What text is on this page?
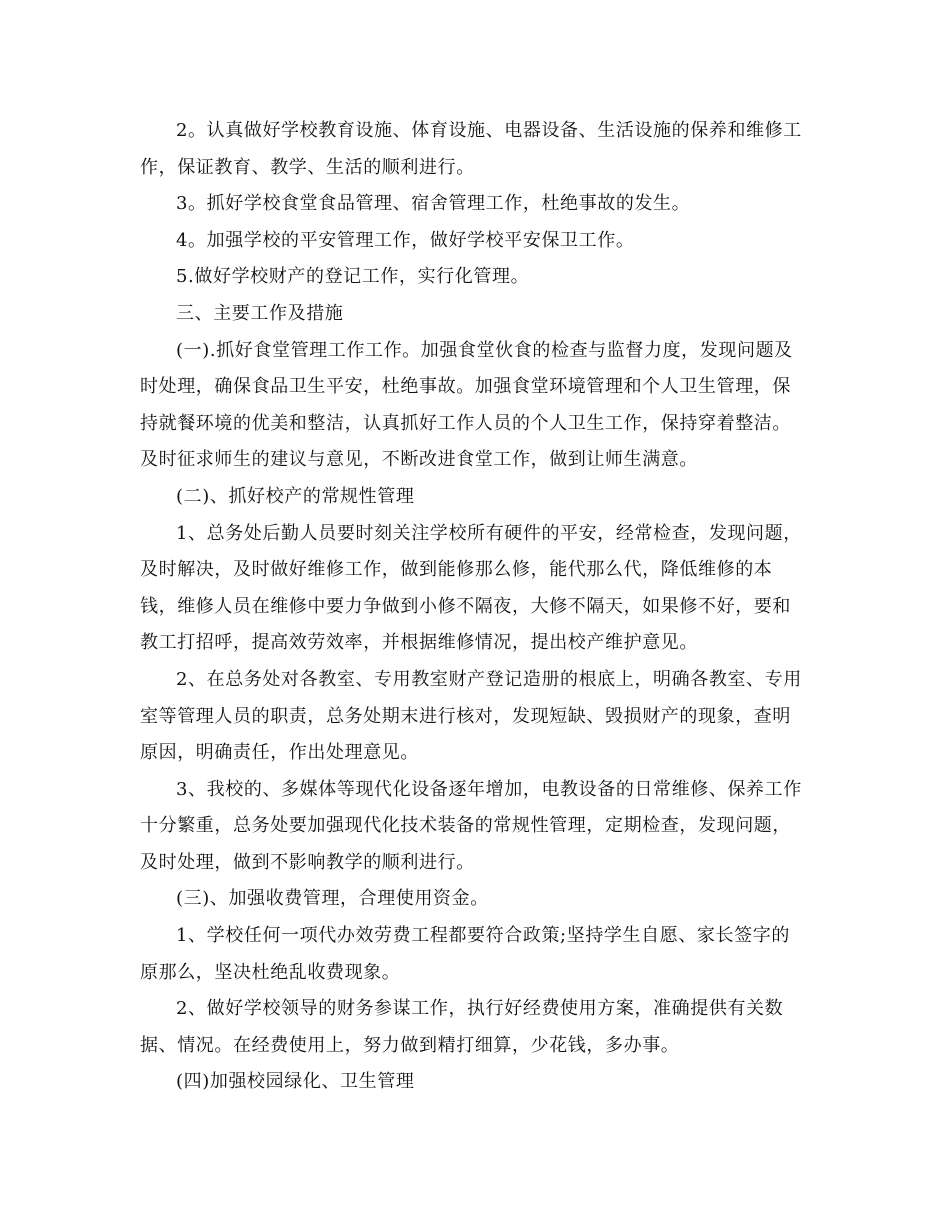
2。认真做好学校教育设施、体育设施、电器设备、生活设施的保养和维修工
作，保证教育、教学、生活的顺利进行。
3。抓好学校食堂食品管理、宿舍管理工作，杜绝事故的发生。
4。加强学校的平安管理工作，做好学校平安保卫工作。
5.做好学校财产的登记工作，实行化管理。
三、主要工作及措施
(一).抓好食堂管理工作工作。加强食堂伙食的检查与监督力度，发现问题及
时处理，确保食品卫生平安，杜绝事故。加强食堂环境管理和个人卫生管理，保
持就餐环境的优美和整洁，认真抓好工作人员的个人卫生工作，保持穿着整洁。
及时征求师生的建议与意见，不断改进食堂工作，做到让师生满意。
(二)、抓好校产的常规性管理
1、总务处后勤人员要时刻关注学校所有硬件的平安，经常检查，发现问题，
及时解决，及时做好维修工作，做到能修那么修，能代那么代，降低维修的本
钱，维修人员在维修中要力争做到小修不隔夜，大修不隔天，如果修不好，要和
教工打招呼，提高效劳效率，并根据维修情况，提出校产维护意见。
2、在总务处对各教室、专用教室财产登记造册的根底上，明确各教室、专用
室等管理人员的职责，总务处期末进行核对，发现短缺、毁损财产的现象，查明
原因，明确责任，作出处理意见。
3、我校的、多媒体等现代化设备逐年增加，电教设备的日常维修、保养工作
十分繁重，总务处要加强现代化技术装备的常规性管理，定期检查，发现问题，
及时处理，做到不影响教学的顺利进行。
(三)、加强收费管理，合理使用资金。
1、学校任何一项代办效劳费工程都要符合政策;坚持学生自愿、家长签字的
原那么，坚决杜绝乱收费现象。
2、做好学校领导的财务参谋工作，执行好经费使用方案，准确提供有关数
据、情况。在经费使用上，努力做到精打细算，少花钱，多办事。
(四)加强校园绿化、卫生管理
